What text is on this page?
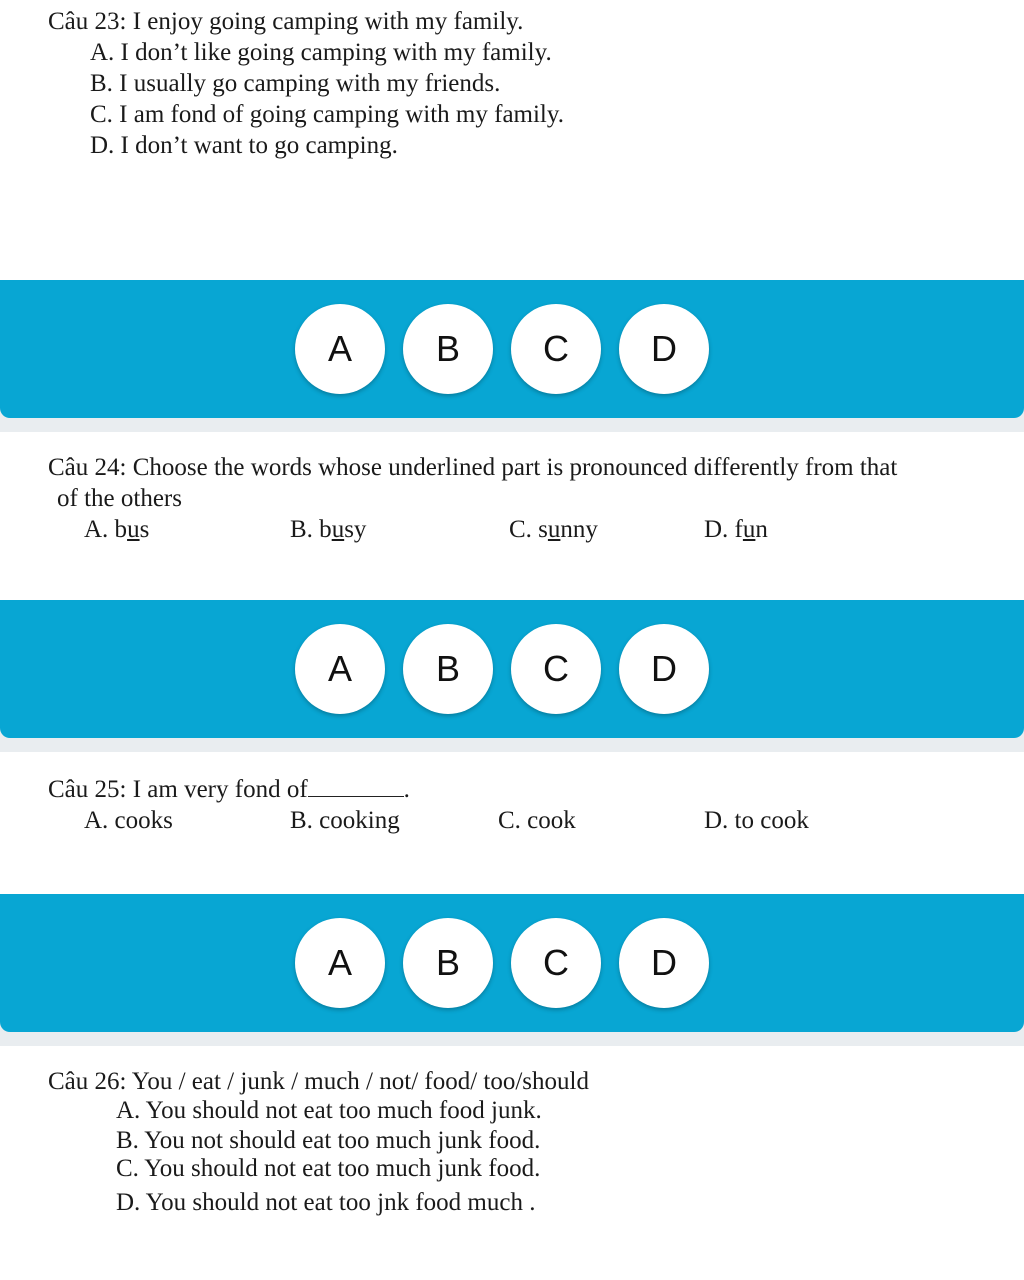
Câu 23: I enjoy going camping with my family.
A. I don’t like going camping with my family.
B. I usually go camping with my friends.
C. I am fond of going camping with my family.
D. I don’t want to go camping.
A	B	C	D
Câu 24: Choose the words whose underlined part is pronounced differently from that
of the others
A. bus	B. busy	C. sunny	D. fun
A	B	C	D
Câu 25: I am very fond of	.
A. cooks	B. cooking	C. cook	D. to cook
A	B	C	D
Câu 26: You / eat / junk / much / not/ food/ too/should
A. You should not eat too much food junk.
B. You not should eat too much junk food.
C. You should not eat too much junk food.
D. You should not eat too jnk food much .
